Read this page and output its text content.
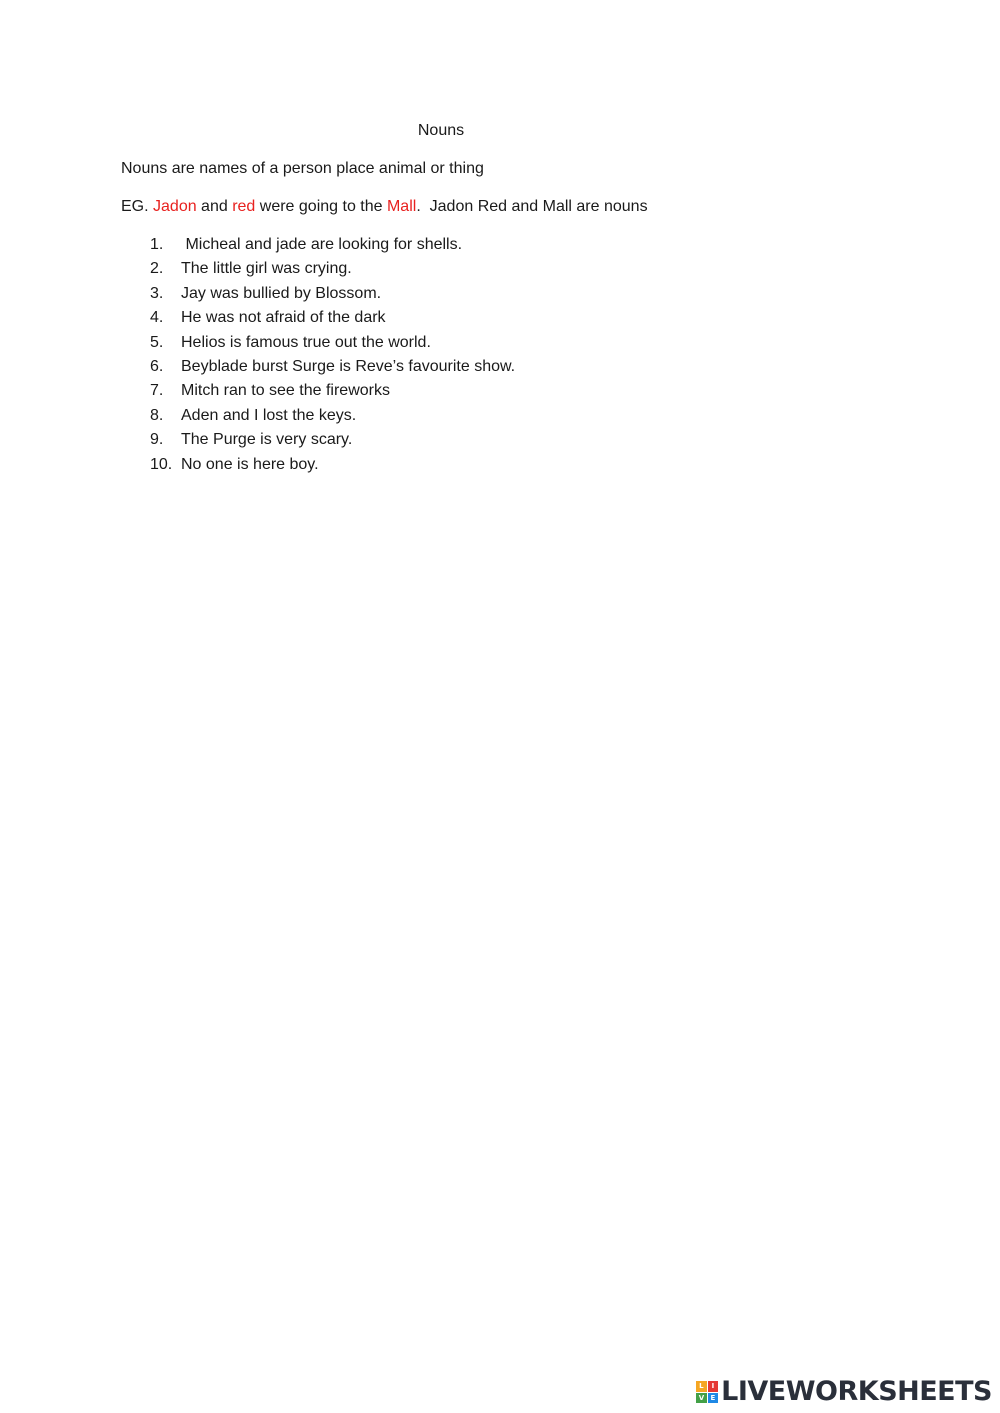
Nouns
Nouns are names of a person place animal or thing
EG. Jadon and red were going to the Mall.  Jadon Red and Mall are nouns
1.	Micheal and jade are looking for shells.
2.	The little girl was crying.
3.	Jay was bullied by Blossom.
4.	He was not afraid of the dark
5.	Helios is famous true out the world.
6.	Beyblade burst Surge is Reve’s favourite show.
7.	Mitch ran to see the fireworks
8.	Aden and I lost the keys.
9.	The Purge is very scary.
10. No one is here boy.
L	I
V E LIVEWORKSHEETS
